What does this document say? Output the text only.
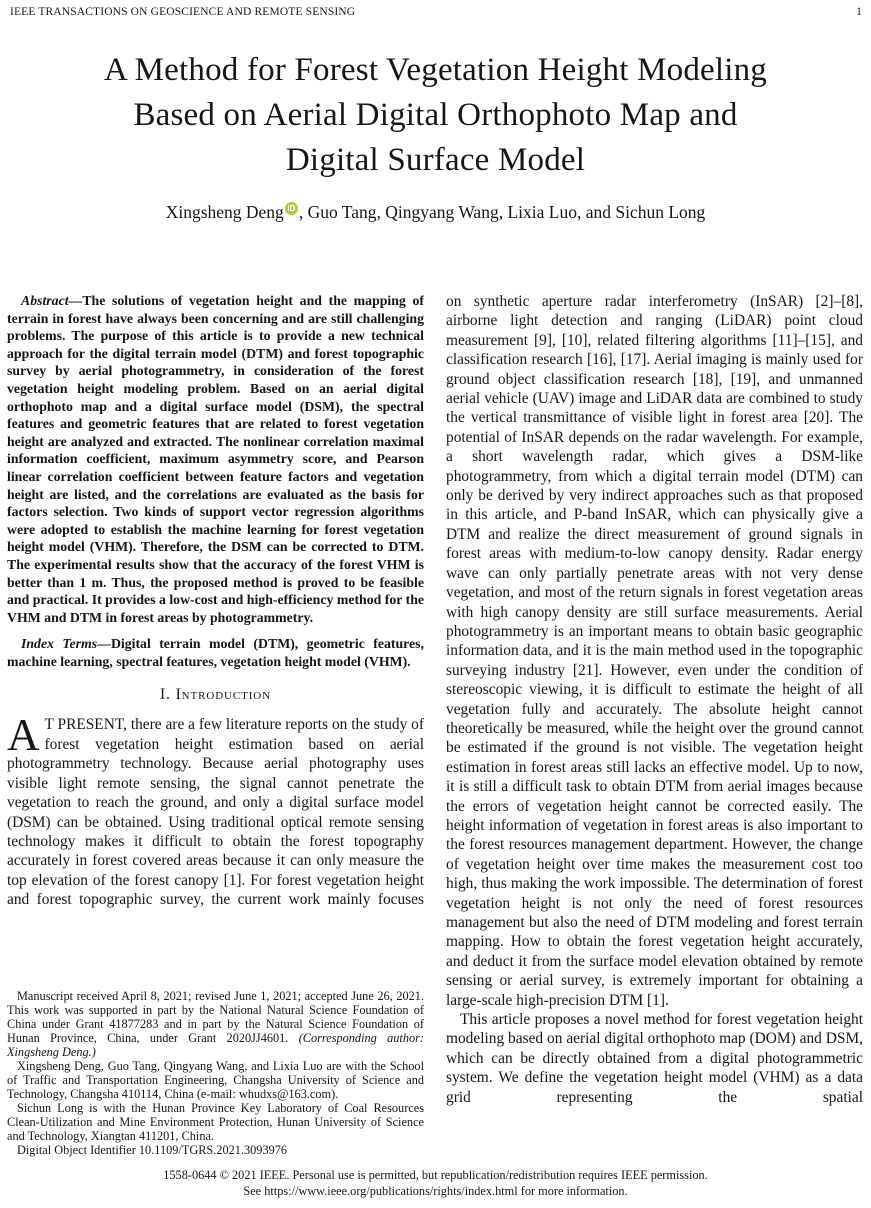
IEEE TRANSACTIONS ON GEOSCIENCE AND REMOTE SENSING	1
A Method for Forest Vegetation Height Modeling
Based on Aerial Digital Orthophoto Map and
Digital Surface Model
Xingsheng Deng iD , Guo Tang, Qingyang Wang, Lixia Luo, and Sichun Long

Abstract—The solutions of vegetation height and the mapping of terrain in forest have always been concerning and are still challenging problems. The purpose of this article is to provide a new technical approach for the digital terrain model (DTM) and forest topographic survey by aerial photogrammetry, in consideration of the forest vegetation height modeling problem. Based on an aerial digital orthophoto map and a digital surface model (DSM), the spectral features and geometric features that are related to forest vegetation height are analyzed and extracted. The nonlinear correlation maximal information coefficient, maximum asymmetry score, and Pearson linear correlation coefficient between feature factors and vegetation height are listed, and the correlations are evaluated as the basis for factors selection. Two kinds of support vector regression algorithms were adopted to establish the machine learning for forest vegetation height model (VHM). Therefore, the DSM can be corrected to DTM. The experimental results show that the accuracy of the forest VHM is better than 1 m. Thus, the proposed method is proved to be feasible and practical. It provides a low-cost and high-efficiency method for the VHM and DTM in forest areas by photogrammetry.

Index Terms—Digital terrain model (DTM), geometric features, machine learning, spectral features, vegetation height model (VHM).

I. Introduction

A T PRESENT, there are a few literature reports on the study of forest vegetation height estimation based on aerial photogrammetry technology. Because aerial photography uses visible light remote sensing, the signal cannot penetrate the vegetation to reach the ground, and only a digital surface model (DSM) can be obtained. Using traditional optical remote sensing technology makes it difficult to obtain the forest topography accurately in forest covered areas because it can only measure the top elevation of the forest canopy [1]. For forest vegetation height and forest topographic survey, the current work mainly focuses

Manuscript received April 8, 2021; revised June 1, 2021; accepted June 26, 2021. This work was supported in part by the National Natural Science Foundation of China under Grant 41877283 and in part by the Natural Science Foundation of Hunan Province, China, under Grant 2020JJ4601. (Corresponding author: Xingsheng Deng.)

Xingsheng Deng, Guo Tang, Qingyang Wang, and Lixia Luo are with the School of Traffic and Transportation Engineering, Changsha University of Science and Technology, Changsha 410114, China (e-mail: whudxs@163.com).

Sichun Long is with the Hunan Province Key Laboratory of Coal Resources Clean-Utilization and Mine Environment Protection, Hunan University of Science and Technology, Xiangtan 411201, China.

Digital Object Identifier 10.1109/TGRS.2021.3093976

on synthetic aperture radar interferometry (InSAR) [2]–[8], airborne light detection and ranging (LiDAR) point cloud measurement [9], [10], related filtering algorithms [11]–[15], and classification research [16], [17]. Aerial imaging is mainly used for ground object classification research [18], [19], and unmanned aerial vehicle (UAV) image and LiDAR data are combined to study the vertical transmittance of visible light in forest area [20]. The potential of InSAR depends on the radar wavelength. For example, a short wavelength radar, which gives a DSM-like photogrammetry, from which a digital terrain model (DTM) can only be derived by very indirect approaches such as that proposed in this article, and P-band InSAR, which can physically give a DTM and realize the direct measurement of ground signals in forest areas with medium-to-low canopy density. Radar energy wave can only partially penetrate areas with not very dense vegetation, and most of the return signals in forest vegetation areas with high canopy density are still surface measurements. Aerial photogrammetry is an important means to obtain basic geographic information data, and it is the main method used in the topographic surveying industry [21]. However, even under the condition of stereoscopic viewing, it is difficult to estimate the height of all vegetation fully and accurately. The absolute height cannot theoretically be measured, while the height over the ground cannot be estimated if the ground is not visible. The vegetation height estimation in forest areas still lacks an effective model. Up to now, it is still a difficult task to obtain DTM from aerial images because the errors of vegetation height cannot be corrected easily. The height information of vegetation in forest areas is also important to the forest resources management department. However, the change of vegetation height over time makes the measurement cost too high, thus making the work impossible. The determination of forest vegetation height is not only the need of forest resources management but also the need of DTM modeling and forest terrain mapping. How to obtain the forest vegetation height accurately, and deduct it from the surface model elevation obtained by remote sensing or aerial survey, is extremely important for obtaining a large-scale high-precision DTM [1].

This article proposes a novel method for forest vegetation height modeling based on aerial digital orthophoto map (DOM) and DSM, which can be directly obtained from a digital photogrammetric system. We define the vegetation height model (VHM) as a data grid representing the spatial

1558-0644 © 2021 IEEE. Personal use is permitted, but republication/redistribution requires IEEE permission.
See https://www.ieee.org/publications/rights/index.html for more information.
